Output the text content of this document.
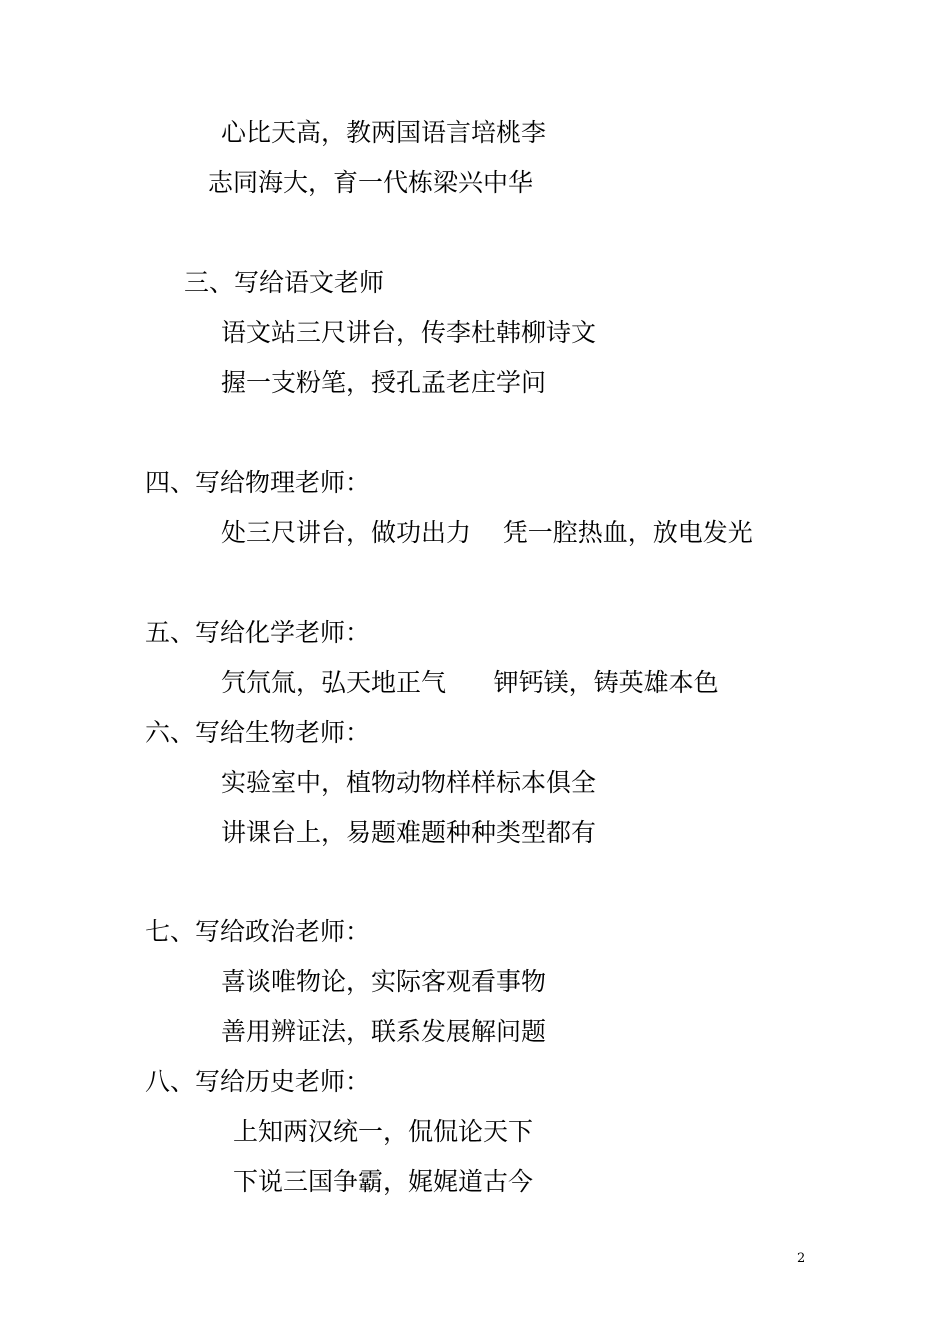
心比天高，教两国语言培桃李
志同海大，育一代栋梁兴中华
三、写给语文老师
语文站三尺讲台，传李杜韩柳诗文
握一支粉笔，授孔孟老庄学问
四、写给物理老师：
处三尺讲台，做功出力    凭一腔热血，放电发光
五、写给化学老师：
氕氘氚，弘天地正气      钾钙镁，铸英雄本色
六、写给生物老师：
实验室中，植物动物样样标本俱全
讲课台上，易题难题种种类型都有
七、写给政治老师：
喜谈唯物论，实际客观看事物
善用辨证法，联系发展解问题
八、写给历史老师：
上知两汉统一，侃侃论天下
下说三国争霸，娓娓道古今
2
